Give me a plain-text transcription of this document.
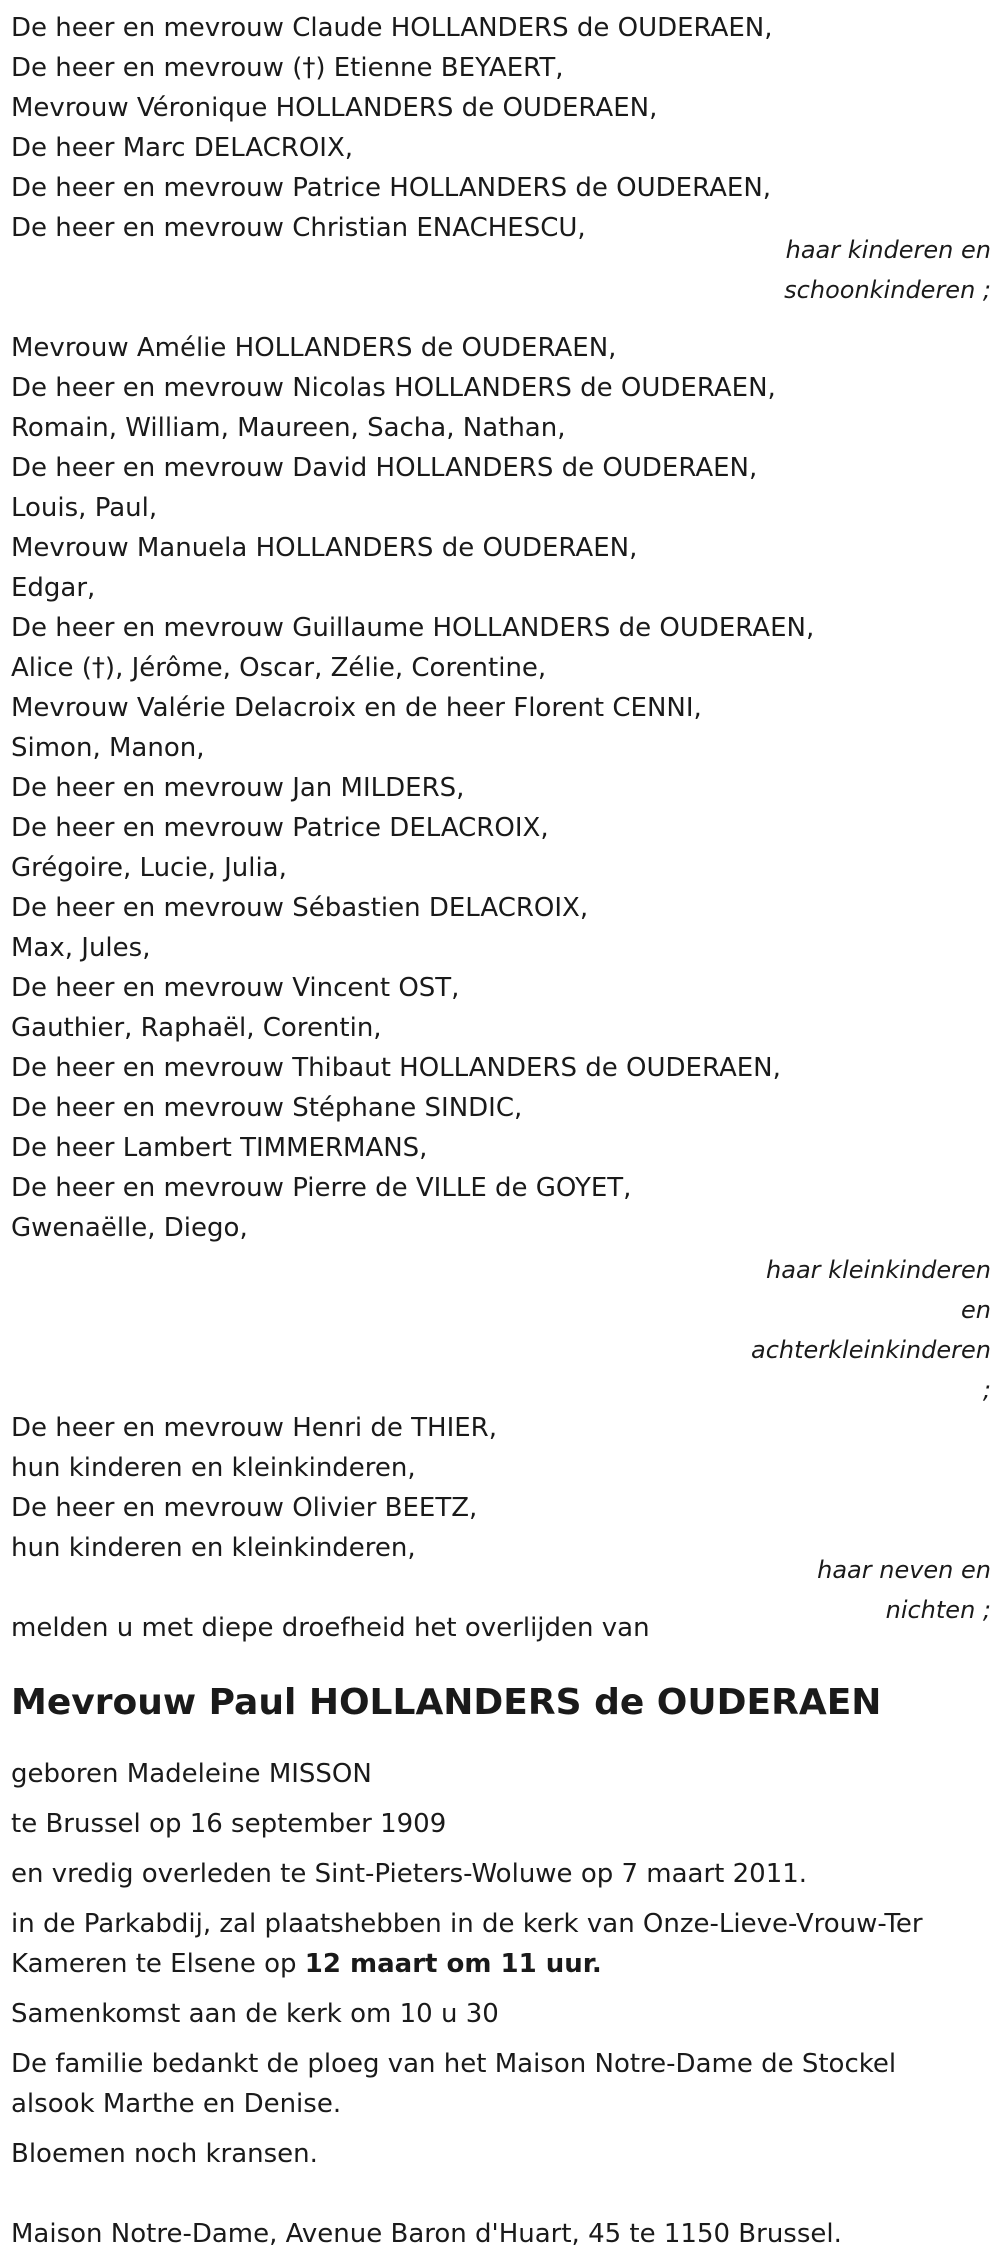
De heer en mevrouw Claude HOLLANDERS de OUDERAEN,
De heer en mevrouw (†) Etienne BEYAERT,
Mevrouw Véronique HOLLANDERS de OUDERAEN,
De heer Marc DELACROIX,
De heer en mevrouw Patrice HOLLANDERS de OUDERAEN,
De heer en mevrouw Christian ENACHESCU,
haar kinderen en
schoonkinderen ;
Mevrouw Amélie HOLLANDERS de OUDERAEN,
De heer en mevrouw Nicolas HOLLANDERS de OUDERAEN,
Romain, William, Maureen, Sacha, Nathan,
De heer en mevrouw David HOLLANDERS de OUDERAEN,
Louis, Paul,
Mevrouw Manuela HOLLANDERS de OUDERAEN,
Edgar,
De heer en mevrouw Guillaume HOLLANDERS de OUDERAEN,
Alice (†), Jérôme, Oscar, Zélie, Corentine,
Mevrouw Valérie Delacroix en de heer Florent CENNI,
Simon, Manon,
De heer en mevrouw Jan MILDERS,
De heer en mevrouw Patrice DELACROIX,
Grégoire, Lucie, Julia,
De heer en mevrouw Sébastien DELACROIX,
Max, Jules,
De heer en mevrouw Vincent OST,
Gauthier, Raphaël, Corentin,
De heer en mevrouw Thibaut HOLLANDERS de OUDERAEN,
De heer en mevrouw Stéphane SINDIC,
De heer Lambert TIMMERMANS,
De heer en mevrouw Pierre de VILLE de GOYET,
Gwenaëlle, Diego,
haar kleinkinderen
en
achterkleinkinderen
;
De heer en mevrouw Henri de THIER,
hun kinderen en kleinkinderen,
De heer en mevrouw Olivier BEETZ,
hun kinderen en kleinkinderen,
melden u met diepe droefheid het overlijden van
haar neven en
nichten ;
Mevrouw Paul HOLLANDERS de OUDERAEN
geboren Madeleine MISSON
te Brussel op 16 september 1909
en vredig overleden te Sint-Pieters-Woluwe op 7 maart 2011.
in de Parkabdij, zal plaatshebben in de kerk van Onze-Lieve-Vrouw-Ter Kameren te Elsene op 12 maart om 11 uur.
Samenkomst aan de kerk om 10 u 30
De familie bedankt de ploeg van het Maison Notre-Dame de Stockel alsook Marthe en Denise.
Bloemen noch kransen.
Maison Notre-Dame, Avenue Baron d'Huart, 45 te 1150 Brussel.
